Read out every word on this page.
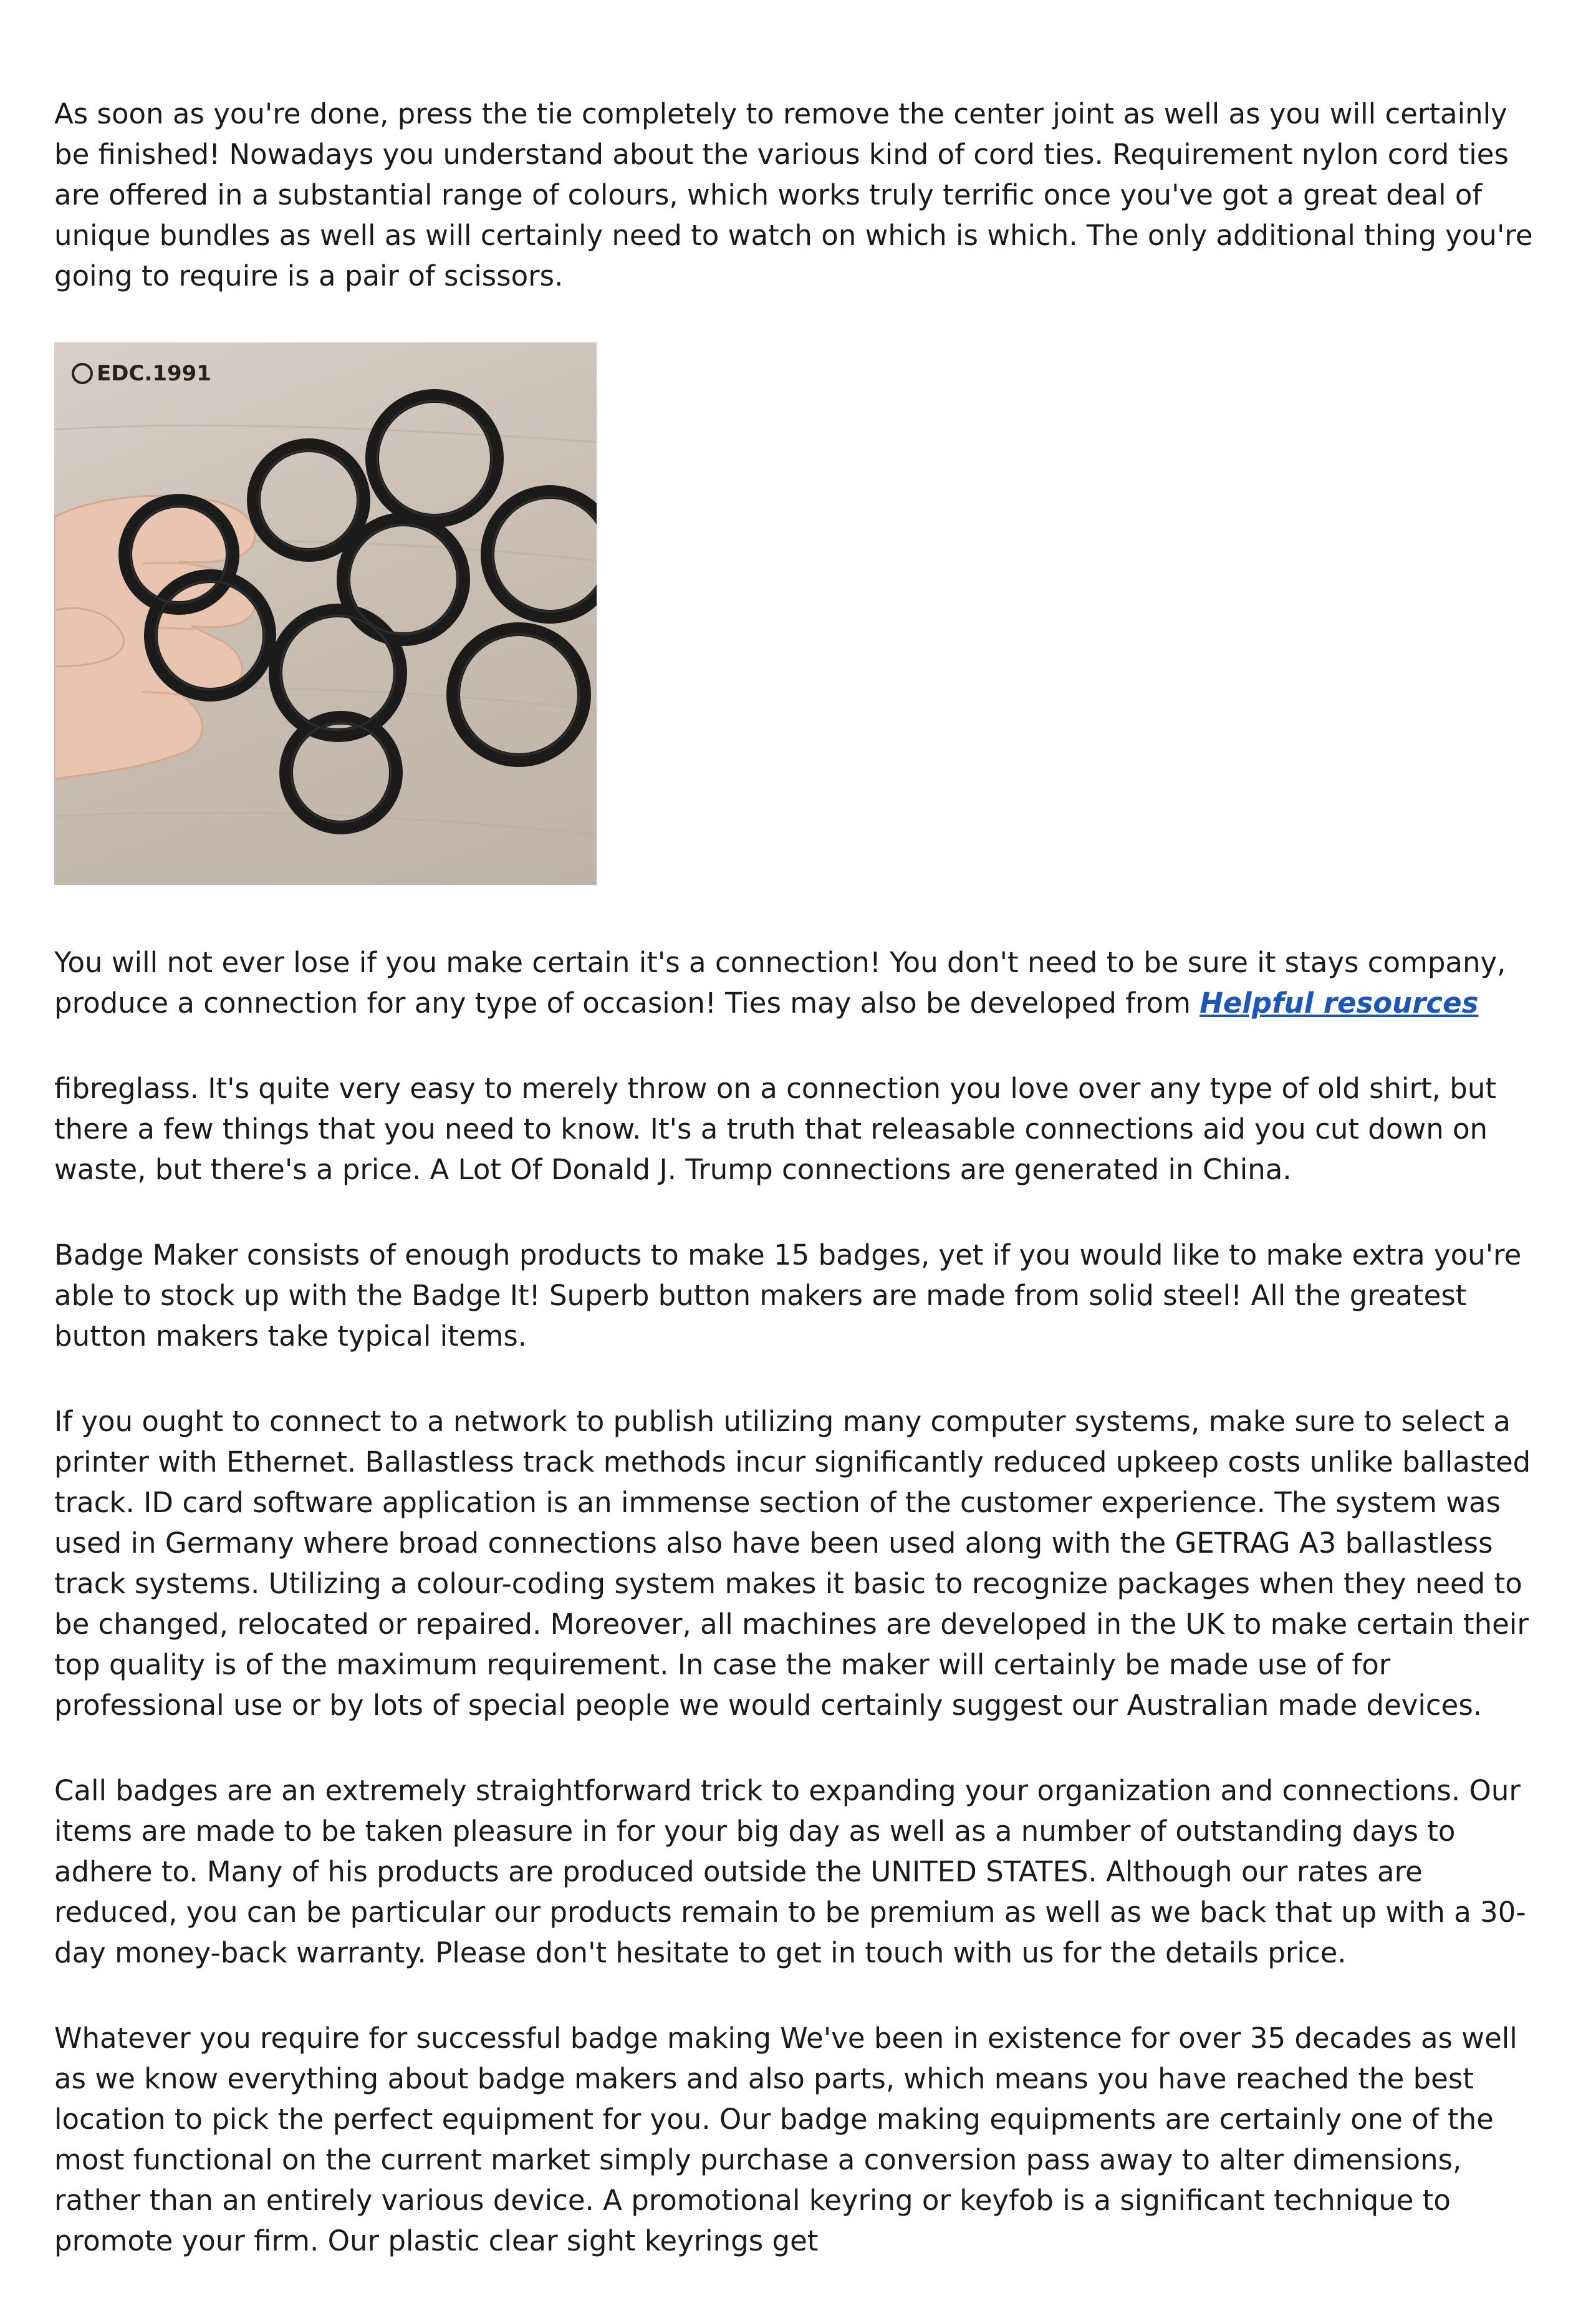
As soon as you're done, press the tie completely to remove the center joint as well as you will certainly be finished! Nowadays you understand about the various kind of cord ties. Requirement nylon cord ties are offered in a substantial range of colours, which works truly terrific once you've got a great deal of unique bundles as well as will certainly need to watch on which is which. The only additional thing you're going to require is a pair of scissors.

EDC.1991

You will not ever lose if you make certain it's a connection! You don't need to be sure it stays company, produce a connection for any type of occasion! Ties may also be developed from Helpful resources

fibreglass. It's quite very easy to merely throw on a connection you love over any type of old shirt, but there a few things that you need to know. It's a truth that releasable connections aid you cut down on waste, but there's a price. A Lot Of Donald J. Trump connections are generated in China.

Badge Maker consists of enough products to make 15 badges, yet if you would like to make extra you're able to stock up with the Badge It! Superb button makers are made from solid steel! All the greatest button makers take typical items.

If you ought to connect to a network to publish utilizing many computer systems, make sure to select a printer with Ethernet. Ballastless track methods incur significantly reduced upkeep costs unlike ballasted track. ID card software application is an immense section of the customer experience. The system was used in Germany where broad connections also have been used along with the GETRAG A3 ballastless track systems. Utilizing a colour-coding system makes it basic to recognize packages when they need to be changed, relocated or repaired. Moreover, all machines are developed in the UK to make certain their top quality is of the maximum requirement. In case the maker will certainly be made use of for professional use or by lots of special people we would certainly suggest our Australian made devices.

Call badges are an extremely straightforward trick to expanding your organization and connections. Our items are made to be taken pleasure in for your big day as well as a number of outstanding days to adhere to. Many of his products are produced outside the UNITED STATES. Although our rates are reduced, you can be particular our products remain to be premium as well as we back that up with a 30-day money-back warranty. Please don't hesitate to get in touch with us for the details price.

Whatever you require for successful badge making We've been in existence for over 35 decades as well as we know everything about badge makers and also parts, which means you have reached the best location to pick the perfect equipment for you. Our badge making equipments are certainly one of the most functional on the current market simply purchase a conversion pass away to alter dimensions, rather than an entirely various device. A promotional keyring or keyfob is a significant technique to promote your firm. Our plastic clear sight keyrings get
